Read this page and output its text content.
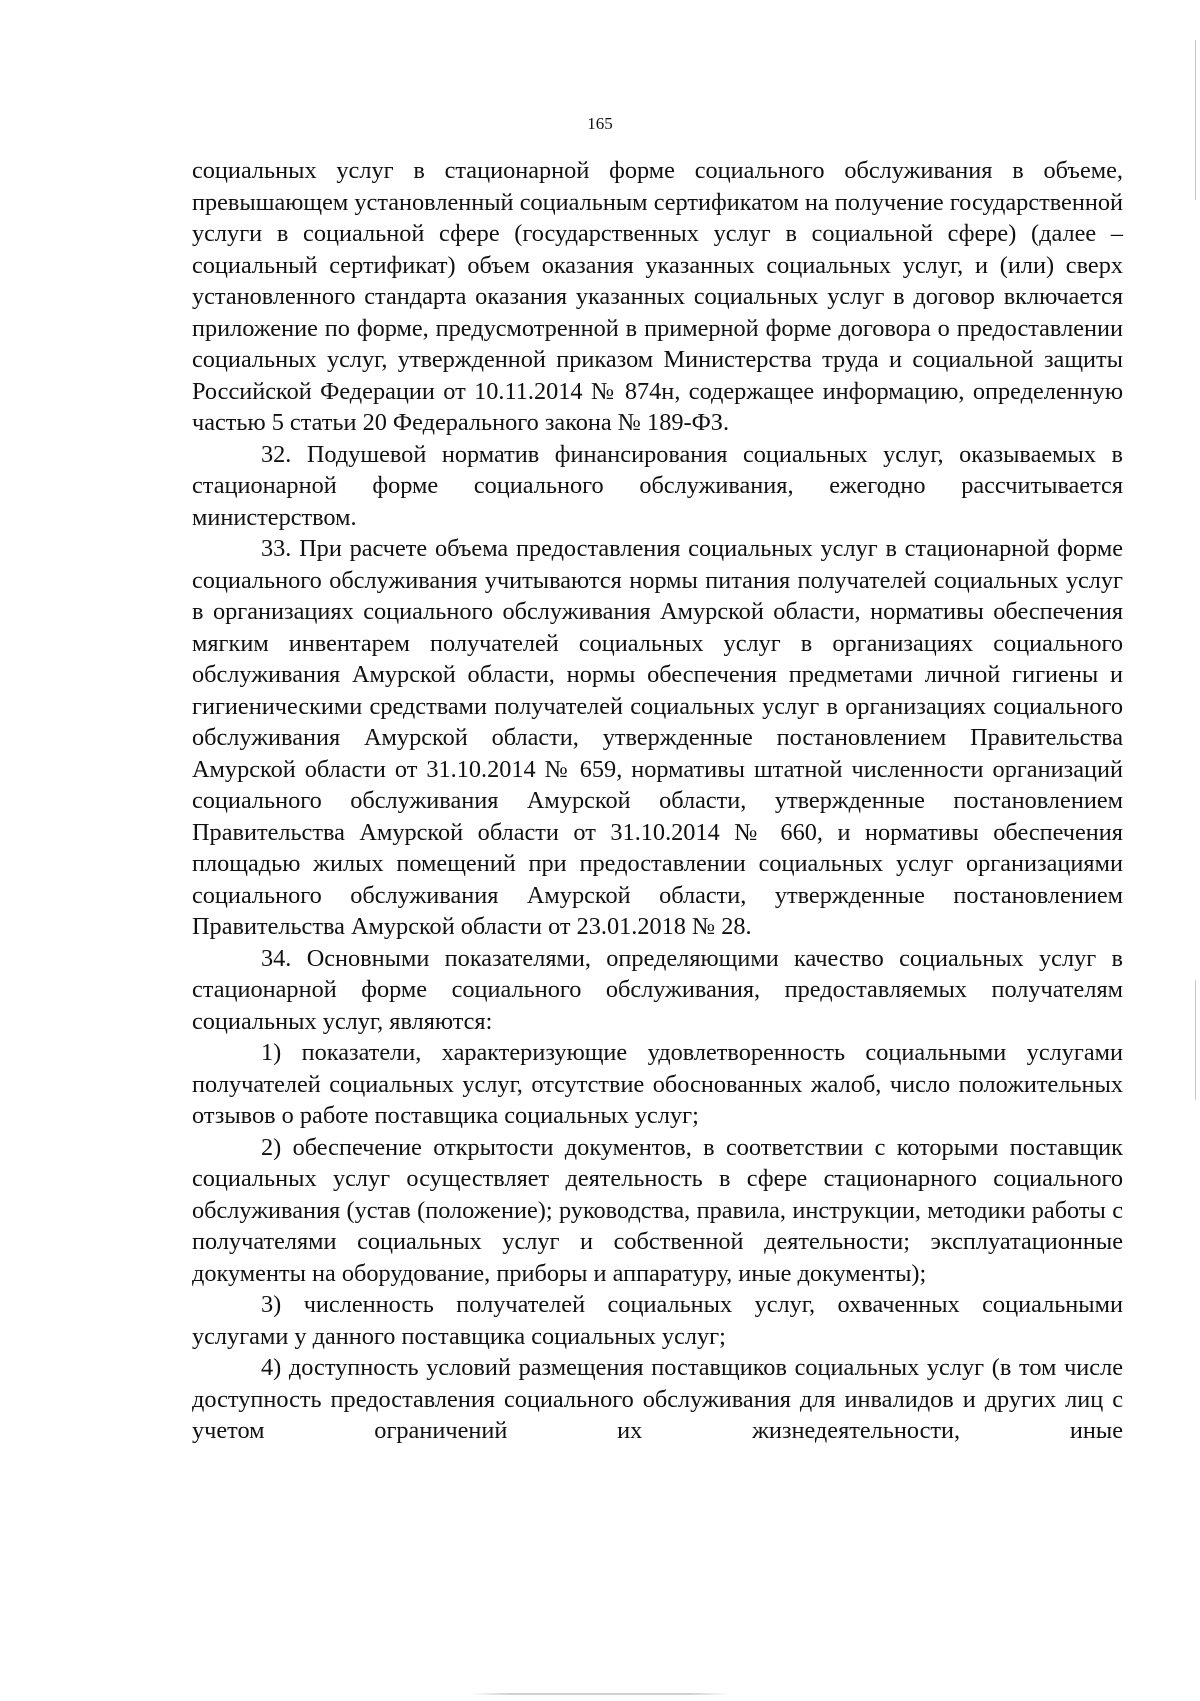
165

социальных услуг в стационарной форме социального обслуживания в объеме, превышающем установленный социальным сертификатом на получение государственной услуги в социальной сфере (государственных услуг в социальной сфере) (далее – социальный сертификат) объем оказания указанных социальных услуг, и (или) сверх установленного стандарта оказания указанных социальных услуг в договор включается приложение по форме, предусмотренной в примерной форме договора о предоставлении социальных услуг, утвержденной приказом Министерства труда и социальной защиты Российской Федерации от 10.11.2014 № 874н, содержащее информацию, определенную частью 5 статьи 20 Федерального закона № 189-ФЗ.

32. Подушевой норматив финансирования социальных услуг, оказываемых в стационарной форме социального обслуживания, ежегодно рассчитывается министерством.

33. При расчете объема предоставления социальных услуг в стационарной форме социального обслуживания учитываются нормы питания получателей социальных услуг в организациях социального обслуживания Амурской области, нормативы обеспечения мягким инвентарем получателей социальных услуг в организациях социального обслуживания Амурской области, нормы обеспечения предметами личной гигиены и гигиеническими средствами получателей социальных услуг в организациях социального обслуживания Амурской области, утвержденные постановлением Правительства Амурской области от 31.10.2014 № 659, нормативы штатной численности организаций социального обслуживания Амурской области, утвержденные постановлением Правительства Амурской области от 31.10.2014 № 660, и нормативы обеспечения площадью жилых помещений при предоставлении социальных услуг организациями социального обслуживания Амурской области, утвержденные постановлением Правительства Амурской области от 23.01.2018 № 28.

34. Основными показателями, определяющими качество социальных услуг в стационарной форме социального обслуживания, предоставляемых получателям социальных услуг, являются:

1) показатели, характеризующие удовлетворенность социальными услугами получателей социальных услуг, отсутствие обоснованных жалоб, число положительных отзывов о работе поставщика социальных услуг;

2) обеспечение открытости документов, в соответствии с которыми поставщик социальных услуг осуществляет деятельность в сфере стационарного социального обслуживания (устав (положение); руководства, правила, инструкции, методики работы с получателями социальных услуг и собственной деятельности; эксплуатационные документы на оборудование, приборы и аппаратуру, иные документы);

3) численность получателей социальных услуг, охваченных социальными услугами у данного поставщика социальных услуг;

4) доступность условий размещения поставщиков социальных услуг (в том числе доступность предоставления социального обслуживания для инвалидов и других лиц с учетом ограничений их жизнедеятельности, иные
